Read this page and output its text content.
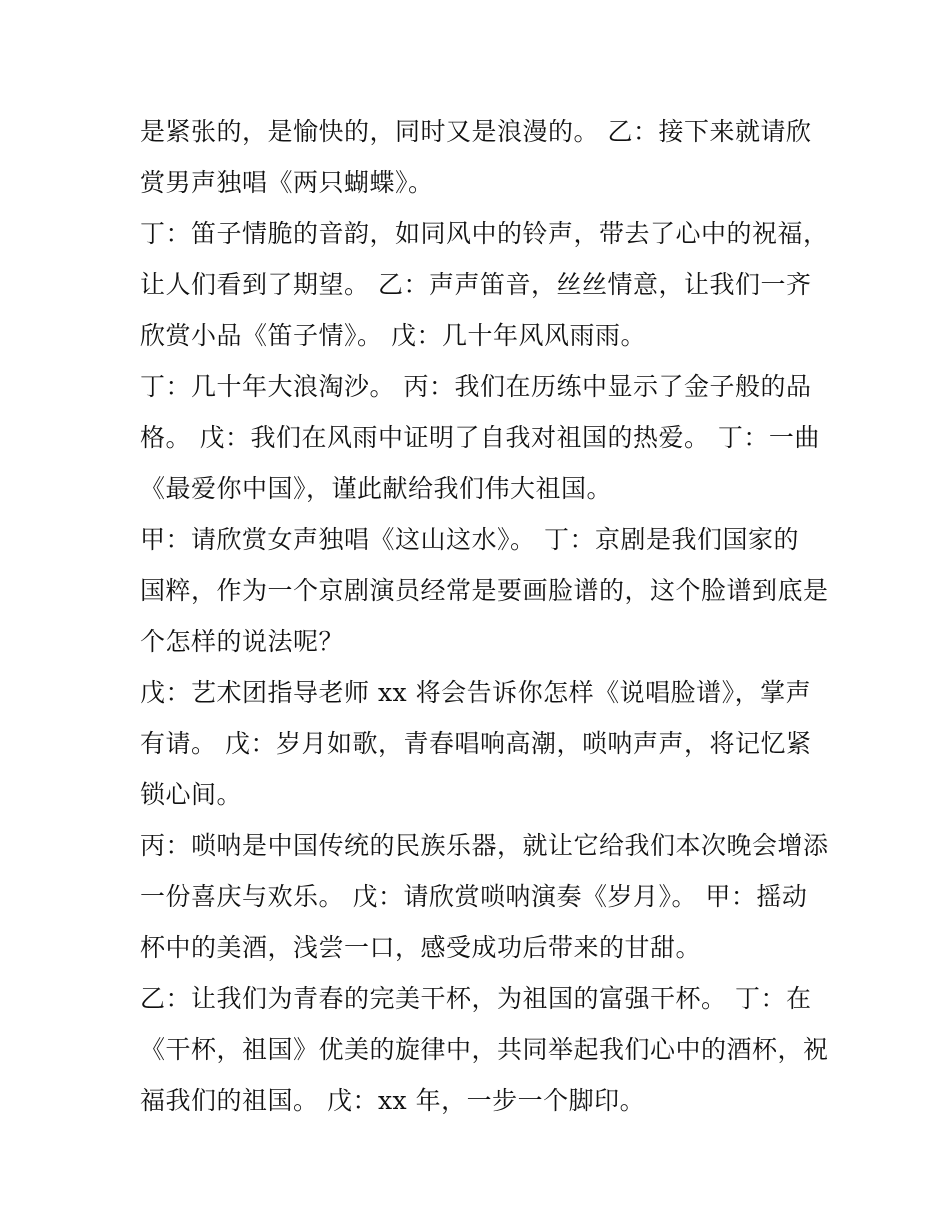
是紧张的，是愉快的，同时又是浪漫的。 乙：接下来就请欣
赏男声独唱《两只蝴蝶》。
丁：笛子情脆的音韵，如同风中的铃声，带去了心中的祝福，
让人们看到了期望。 乙：声声笛音，丝丝情意，让我们一齐
欣赏小品《笛子情》。 戊：几十年风风雨雨。
丁：几十年大浪淘沙。 丙：我们在历练中显示了金子般的品
格。 戊：我们在风雨中证明了自我对祖国的热爱。 丁：一曲
《最爱你中国》，谨此献给我们伟大祖国。
甲：请欣赏女声独唱《这山这水》。 丁：京剧是我们国家的
国粹，作为一个京剧演员经常是要画脸谱的，这个脸谱到底是
个怎样的说法呢？
戊：艺术团指导老师 xx 将会告诉你怎样《说唱脸谱》，掌声
有请。 戊：岁月如歌，青春唱响高潮，唢呐声声，将记忆紧
锁心间。
丙：唢呐是中国传统的民族乐器，就让它给我们本次晚会增添
一份喜庆与欢乐。 戊：请欣赏唢呐演奏《岁月》。 甲：摇动
杯中的美酒，浅尝一口，感受成功后带来的甘甜。
乙：让我们为青春的完美干杯，为祖国的富强干杯。 丁：在
《干杯，祖国》优美的旋律中，共同举起我们心中的酒杯，祝
福我们的祖国。 戊：xx 年，一步一个脚印。
